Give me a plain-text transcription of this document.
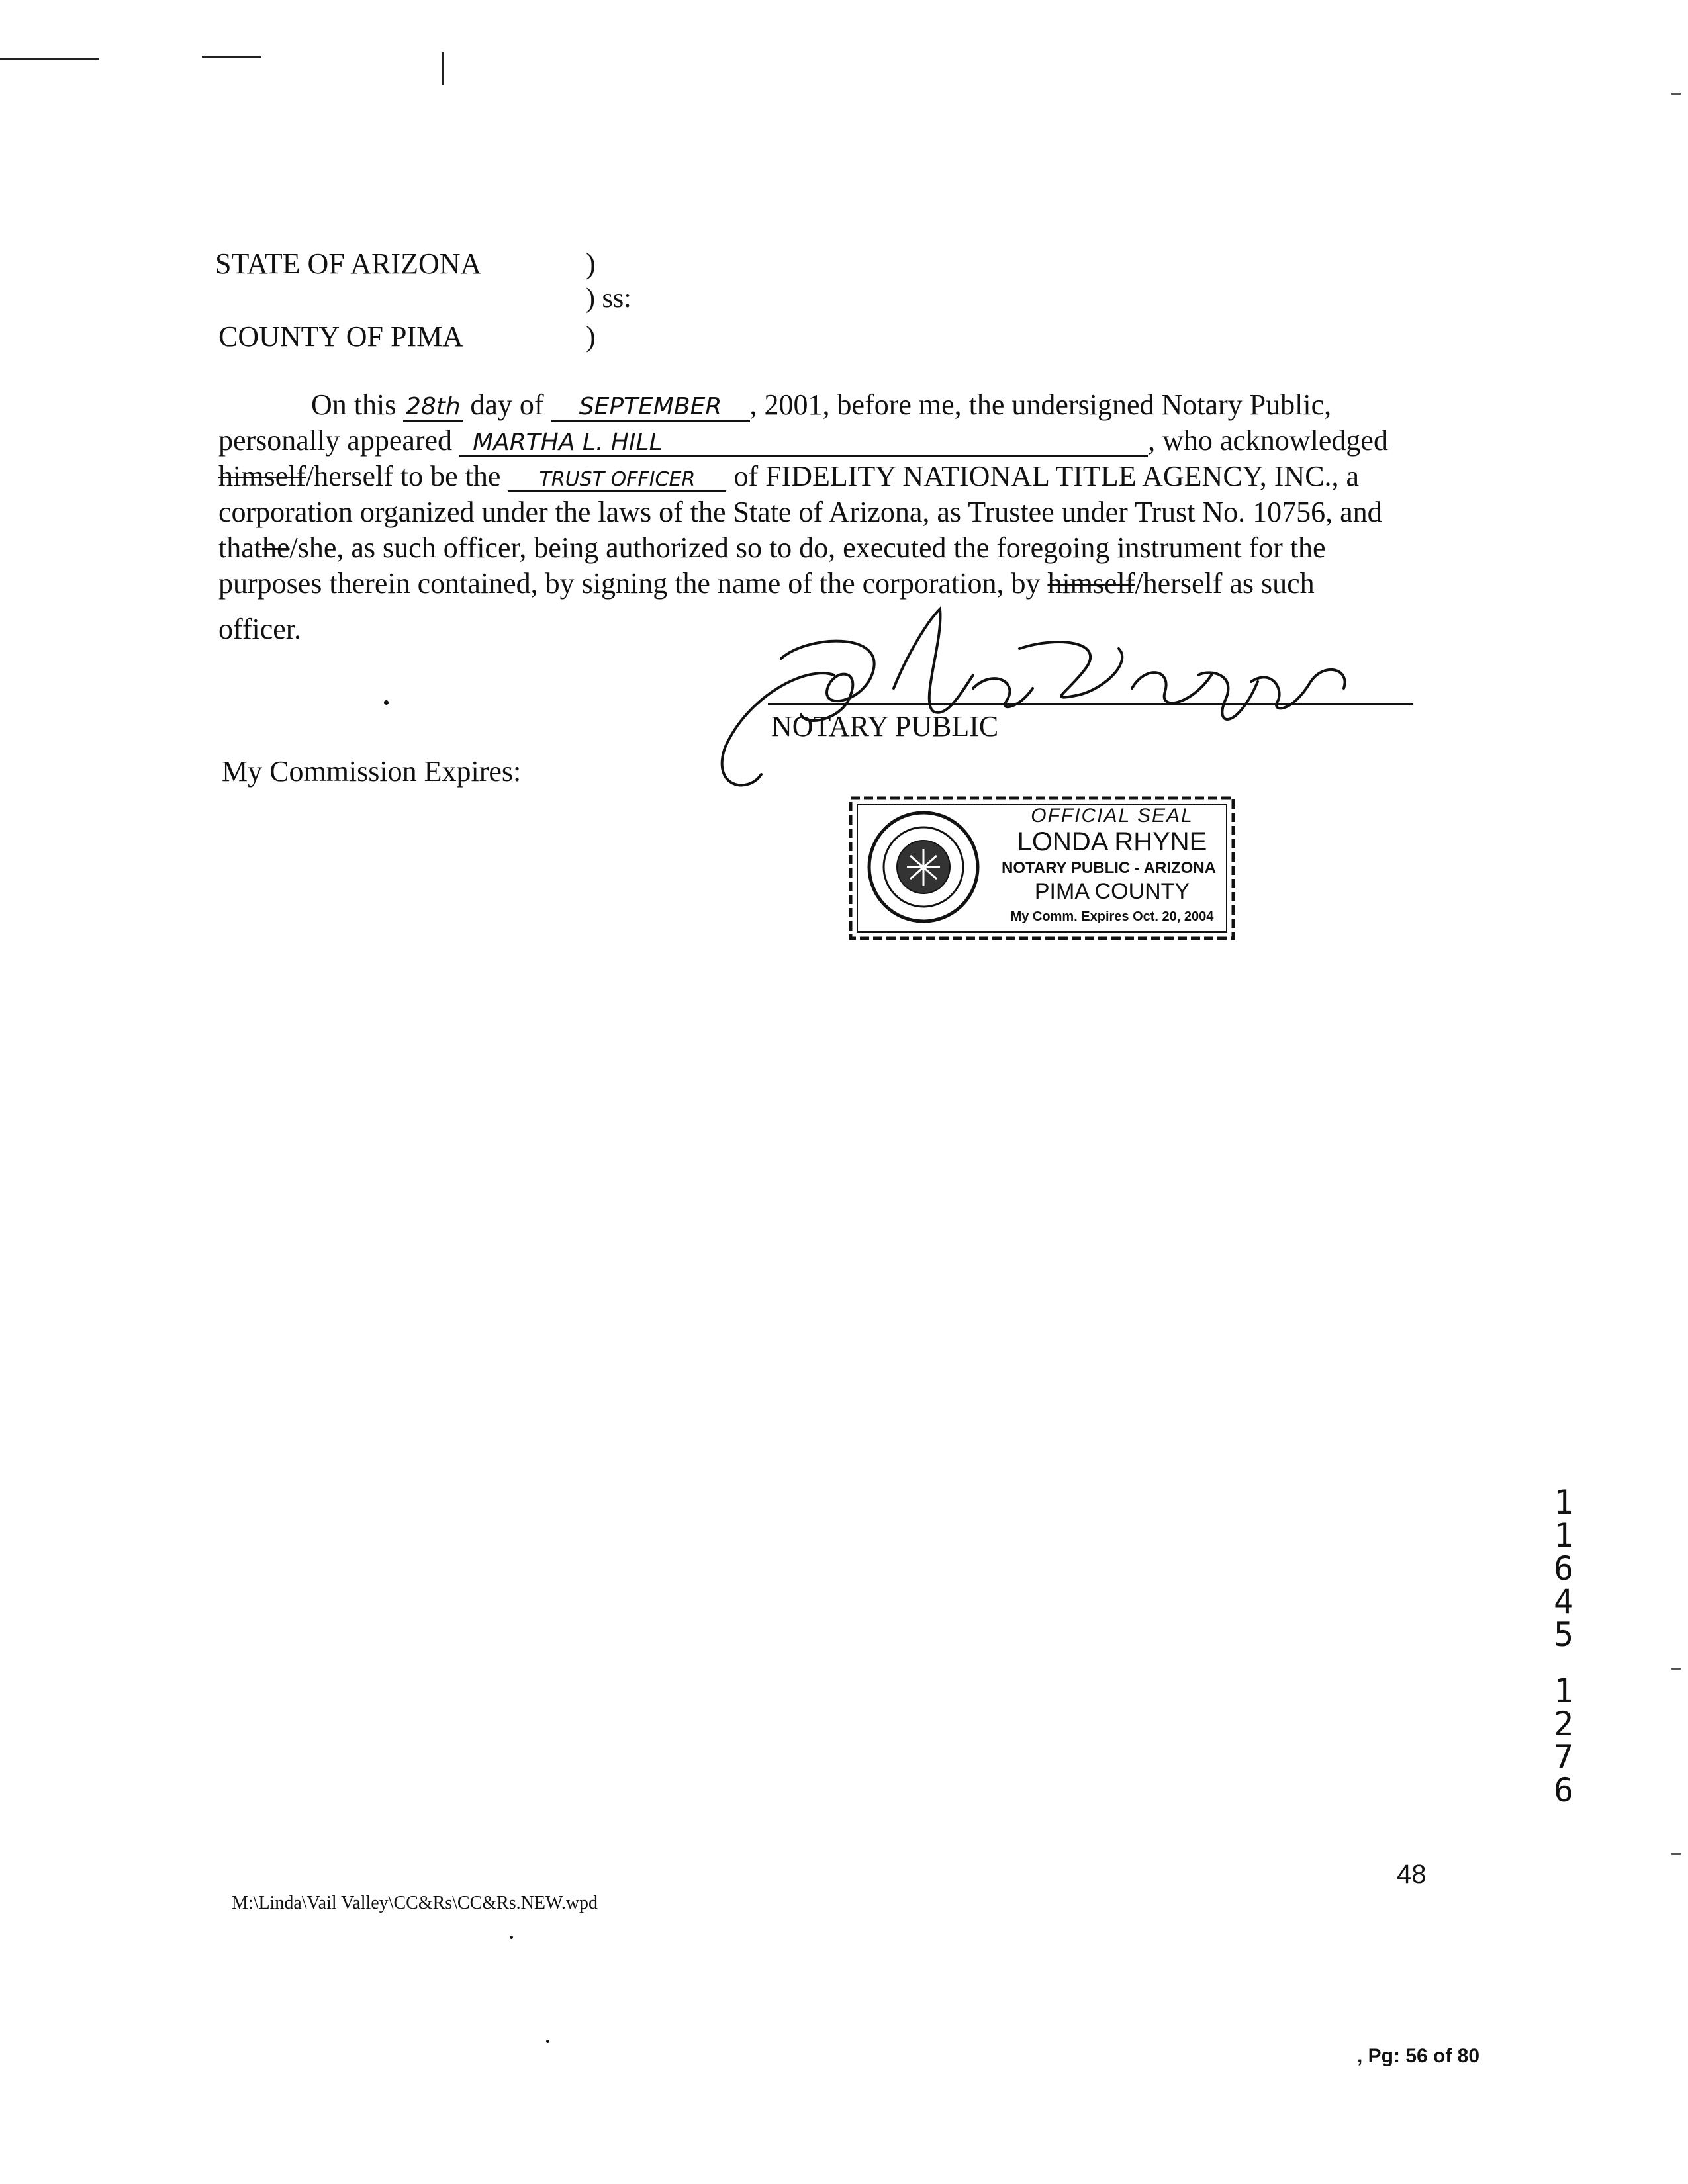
STATE OF ARIZONA	)
) ss:
COUNTY OF PIMA	)
On this 28th day of SEPTEMBER , 2001, before me, the undersigned Notary Public,
personally appeared MARTHA L. HILL	, who acknowledged
himself/herself to be the TRUST OFFICER of FIDELITY NATIONAL TITLE AGENCY, INC., a
corporation organized under the laws of the State of Arizona, as Trustee under Trust No. 10756, and
thathe/she, as such officer, being authorized so to do, executed the foregoing instrument for the
purposes therein contained, by signing the name of the corporation, by himself/herself as such
officer.
NOTARY PUBLIC
My Commission Expires:
OFFICIAL SEAL
LONDA RHYNE
NOTARY PUBLIC - ARIZONA
PIMA COUNTY
My Comm. Expires Oct. 20, 2004
1
1
6
4
5
1
2
7
6
48
M:\Linda\Vail Valley\CC&Rs\CC&Rs.NEW.wpd
, Pg: 56 of 80
